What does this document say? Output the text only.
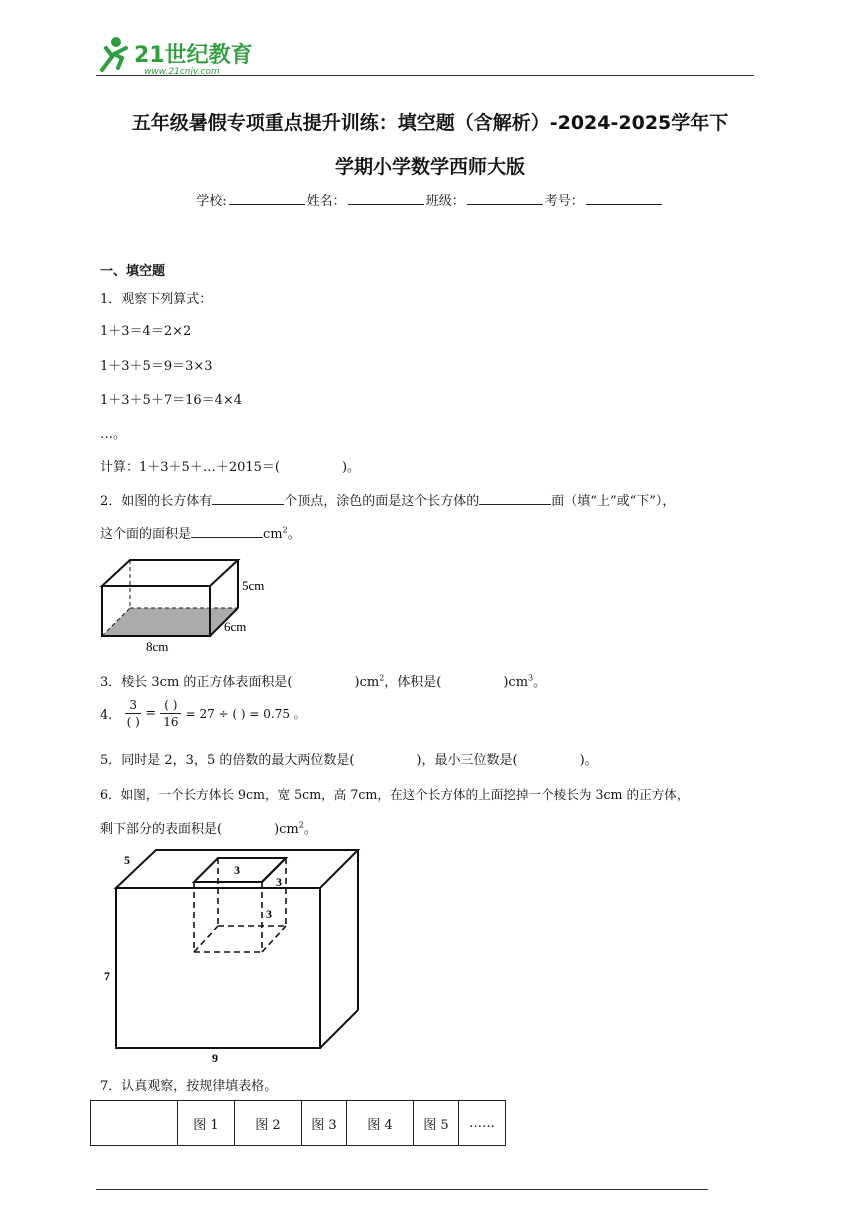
21世纪教育
www.21cnjy.com
五年级暑假专项重点提升训练：填空题（含解析）-2024-2025学年下
学期小学数学西师大版
学校:	姓名：	班级：	考号：
一、填空题
1．观察下列算式：
1＋3＝4＝2×2
1＋3＋5＝9＝3×3
1＋3＋5＋7＝16＝4×4
…。
计算：1＋3＋5＋…＋2015＝(	)。
2．如图的长方体有	个顶点，涂色的面是这个长方体的	面（填“上”或“下”），
这个面的面积是	$cm^2$。
5cm
6cm
8cm
3．棱长 3cm 的正方体表面积是(	)$cm^2$，体积是(	)$cm^3$。
4． $\frac{3}{( )} = \frac{( )}{16} = 27$ ÷ ( ) = 0.75 。
5．同时是 2，3，5 的倍数的最大两位数是(	)，最小三位数是(	)。
6．如图，一个长方体长 9cm，宽 5cm，高 7cm，在这个长方体的上面挖掉一个棱长为 3cm 的正方体，
剩下部分的表面积是(	)$cm^2$。
5
7
9
3
3
3
7．认真观察，按规律填表格。
	图 1	图 2	图 3	图 4	图 5	……
